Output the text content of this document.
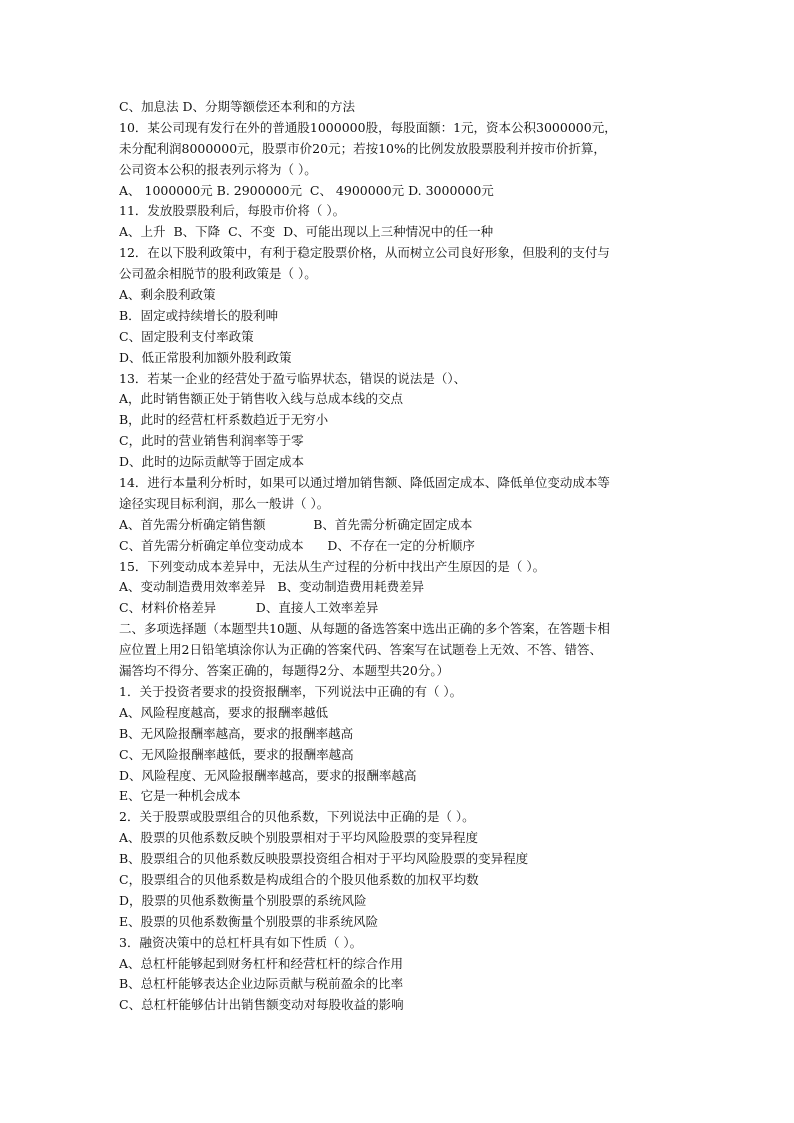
C、加息法 D、分期等额偿还本利和的方法
10．某公司现有发行在外的普通股1000000股，每股面额：1元，资本公积3000000元，
未分配利润8000000元，股票市价20元；若按10%的比例发放股票股利并按市价折算，
公司资本公积的报表列示将为（ ）。
A、 1000000元 B. 2900000元  C、 4900000元 D. 3000000元
11．发放股票股利后，每股市价将（ ）。
A、上升  B、下降  C、不变  D、可能出现以上三种情况中的任一种
12．在以下股利政策中，有利于稳定股票价格，从而树立公司良好形象，但股利的支付与
公司盈余相脱节的股利政策是（ ）。
A、剩余股利政策
B．固定或持续增长的股利呻
C、固定股利支付率政策
D、低正常股利加额外股利政策
13．若某一企业的经营处于盈亏临界状态，错误的说法是（）、
A，此时销售额正处于销售收入线与总成本线的交点
B，此时的经营杠杆系数趋近于无穷小
C，此时的营业销售利润率等于零
D、此时的边际贡献等于固定成本
14．进行本量利分析时，如果可以通过增加销售额、降低固定成本、降低单位变动成本等
途径实现目标利润，那么一般讲（ ）。
A、首先需分析确定销售额            B、首先需分析确定固定成本
C、首先需分析确定单位变动成本      D、不存在一定的分析顺序
15．下列变动成本差异中，无法从生产过程的分析中找出产生原因的是（ ）。
A、变动制造费用效率差异   B、变动制造费用耗费差异
C、材料价格差异          D、直接人工效率差异
二、多项选择题（本题型共10题、从每题的备选答案中选出正确的多个答案，在答题卡相
应位置上用2日铅笔填涂你认为正确的答案代码、答案写在试题卷上无效、不答、错答、
漏答均不得分、答案正确的，每题得2分、本题型共20分。）
1．关于投资者要求的投资报酬率，下列说法中正确的有（ ）。
A、风险程度越高，要求的报酬率越低
B、无风险报酬率越高，要求的报酬率越高
C、无风险报酬率越低，要求的报酬率越高
D、风险程度、无风险报酬率越高，要求的报酬率越高
E、它是一种机会成本
2．关于股票或股票组合的贝他系数，下列说法中正确的是（ ）。
A、股票的贝他系数反映个别股票相对于平均风险股票的变异程度
B、股票组合的贝他系数反映股票投资组合相对于平均风险股票的变异程度
C，股票组合的贝他系数是构成组合的个股贝他系数的加权平均数
D，股票的贝他系数衡量个别股票的系统风险
E、股票的贝他系数衡量个别股票的非系统风险
3．融资决策中的总杠杆具有如下性质（ ）。
A、总杠杆能够起到财务杠杆和经营杠杆的综合作用
B、总杠杆能够表达企业边际贡献与税前盈余的比率
C、总杠杆能够估计出销售额变动对每股收益的影响
